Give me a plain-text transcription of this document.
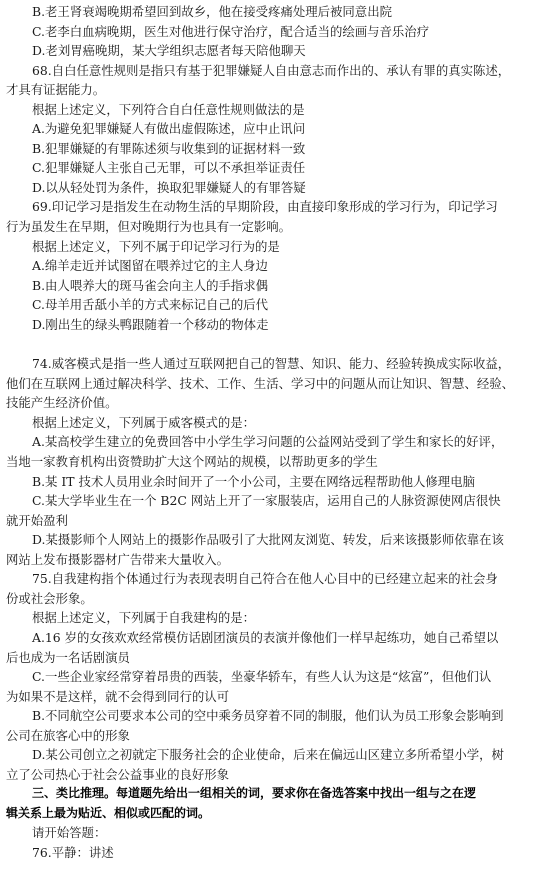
B.老王肾衰竭晚期希望回到故乡，他在接受疼痛处理后被同意出院
C.老李白血病晚期，医生对他进行保守治疗，配合适当的绘画与音乐治疗
D.老刘胃癌晚期，某大学组织志愿者每天陪他聊天
68.自白任意性规则是指只有基于犯罪嫌疑人自由意志而作出的、承认有罪的真实陈述，
才具有证据能力。
根据上述定义，下列符合自白任意性规则做法的是
A.为避免犯罪嫌疑人有做出虚假陈述，应中止讯问
B.犯罪嫌疑的有罪陈述须与收集到的证据材料一致
C.犯罪嫌疑人主张自己无罪，可以不承担举证责任
D.以从轻处罚为条件，换取犯罪嫌疑人的有罪答疑
69.印记学习是指发生在动物生活的早期阶段，由直接印象形成的学习行为，印记学习
行为虽发生在早期，但对晚期行为也具有一定影响。
根据上述定义，下列不属于印记学习行为的是
A.绵羊走近并试图留在喂养过它的主人身边
B.由人喂养大的斑马雀会向主人的手指求偶
C.母羊用舌舐小羊的方式来标记自己的后代
D.刚出生的绿头鸭跟随着一个移动的物体走
74.威客模式是指一些人通过互联网把自己的智慧、知识、能力、经验转换成实际收益，
他们在互联网上通过解决科学、技术、工作、生活、学习中的问题从而让知识、智慧、经验、
技能产生经济价值。
根据上述定义，下列属于威客模式的是：
A.某高校学生建立的免费回答中小学生学习问题的公益网站受到了学生和家长的好评，
当地一家教育机构出资赞助扩大这个网站的规模，以帮助更多的学生
B.某 IT 技术人员用业余时间开了一个小公司，主要在网络远程帮助他人修理电脑
C.某大学毕业生在一个 B2C 网站上开了一家服装店，运用自己的人脉资源使网店很快
就开始盈利
D.某摄影师个人网站上的摄影作品吸引了大批网友浏览、转发，后来该摄影师依靠在该
网站上发布摄影器材广告带来大量收入。
75.自我建构指个体通过行为表现表明自己符合在他人心目中的已经建立起来的社会身
份或社会形象。
根据上述定义，下列属于自我建构的是：
A.16 岁的女孩欢欢经常模仿话剧团演员的表演并像他们一样早起练功，她自己希望以
后也成为一名话剧演员
C.一些企业家经常穿着昂贵的西装，坐豪华轿车，有些人认为这是“炫富”，但他们认
为如果不是这样，就不会得到同行的认可
B.不同航空公司要求本公司的空中乘务员穿着不同的制服，他们认为员工形象会影响到
公司在旅客心中的形象
D.某公司创立之初就定下服务社会的企业使命，后来在偏远山区建立多所希望小学，树
立了公司热心于社会公益事业的良好形象
三、类比推理。每道题先给出一组相关的词，要求你在备选答案中找出一组与之在逻
辑关系上最为贴近、相似或匹配的词。
请开始答题：
76.平静：讲述
